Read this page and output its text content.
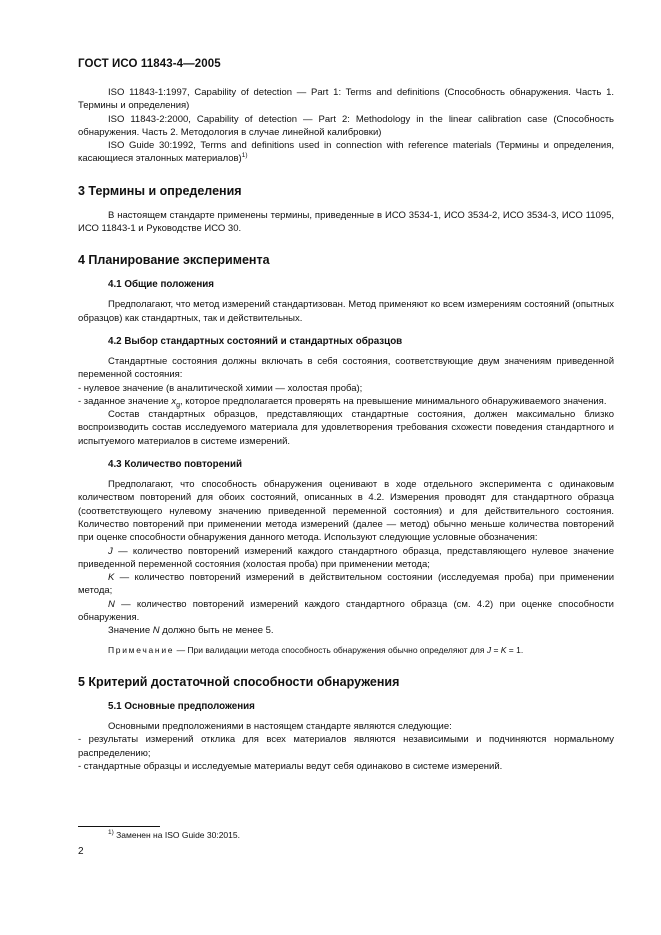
ГОСТ ИСО 11843-4—2005

ISO 11843-1:1997, Capability of detection — Part 1: Terms and definitions (Способность обнаружения. Часть 1. Термины и определения)

ISO 11843-2:2000, Capability of detection — Part 2: Methodology in the linear calibration case (Способность обнаружения. Часть 2. Методология в случае линейной калибровки)

ISO Guide 30:1992, Terms and definitions used in connection with reference materials (Термины и определения, касающиеся эталонных материалов)$^{1)}$

3 Термины и определения

В настоящем стандарте применены термины, приведенные в ИСО 3534-1, ИСО 3534-2, ИСО 3534-3, ИСО 11095, ИСО 11843-1 и Руководстве ИСО 30.

4 Планирование эксперимента
4.1 Общие положения

Предполагают, что метод измерений стандартизован. Метод применяют ко всем измерениям состояний (опытных образцов) как стандартных, так и действительных.

4.2 Выбор стандартных состояний и стандартных образцов

Стандартные состояния должны включать в себя состояния, соответствующие двум значениям приведенной переменной состояния:

- нулевое значение (в аналитической химии — холостая проба);

- заданное значение $x_g$, которое предполагается проверять на превышение минимального обнаруживаемого значения.

Состав стандартных образцов, представляющих стандартные состояния, должен максимально близко воспроизводить состав исследуемого материала для удовлетворения требования схожести поведения стандартного и испытуемого материалов в системе измерений.

4.3 Количество повторений

Предполагают, что способность обнаружения оценивают в ходе отдельного эксперимента с одинаковым количеством повторений для обоих состояний, описанных в 4.2. Измерения проводят для стандартного образца (соответствующего нулевому значению приведенной переменной состояния) и для действительного состояния. Количество повторений при применении метода измерений (далее — метод) обычно меньше количества повторений при оценке способности обнаружения данного метода. Используют следующие условные обозначения:

J — количество повторений измерений каждого стандартного образца, представляющего нулевое значение приведенной переменной состояния (холостая проба) при применении метода;

K — количество повторений измерений в действительном состоянии (исследуемая проба) при применении метода;

N — количество повторений измерений каждого стандартного образца (см. 4.2) при оценке способности обнаружения.

Значение N должно быть не менее 5.

Примечание — При валидации метода способность обнаружения обычно определяют для J = K = 1.

5 Критерий достаточной способности обнаружения
5.1 Основные предположения

Основными предположениями в настоящем стандарте являются следующие:

- результаты измерений отклика для всех материалов являются независимыми и подчиняются нормальному распределению;

- стандартные образцы и исследуемые материалы ведут себя одинаково в системе измерений.

$^{1)}$ Заменен на ISO Guide 30:2015.
2
